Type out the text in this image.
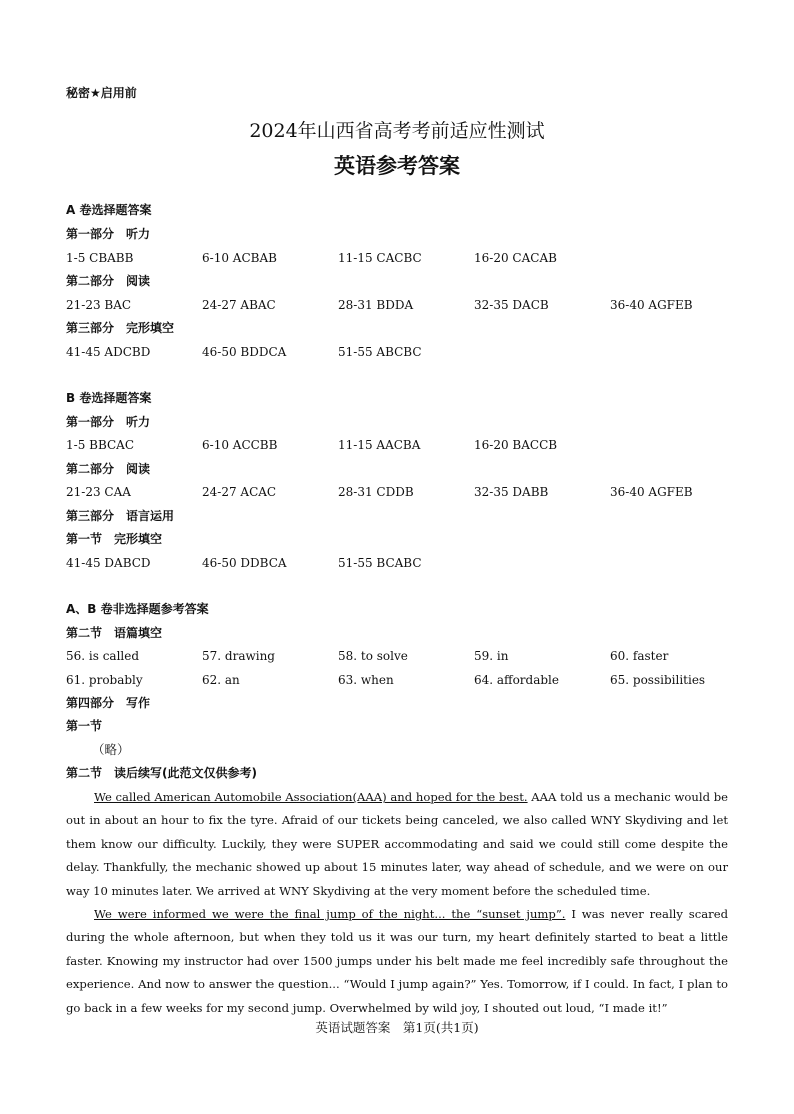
秘密★启用前
2024年山西省高考考前适应性测试
英语参考答案
A 卷选择题答案
第一部分　听力
1-5 CBABB	6-10 ACBAB	11-15 CACBC	16-20 CACAB
第二部分　阅读
21-23 BAC	24-27 ABAC	28-31 BDDA	32-35 DACB	36-40 AGFEB
第三部分　完形填空
41-45 ADCBD	46-50 BDDCA	51-55 ABCBC
B 卷选择题答案
第一部分　听力
1-5 BBCAC	6-10 ACCBB	11-15 AACBA	16-20 BACCB
第二部分　阅读
21-23 CAA	24-27 ACAC	28-31 CDDB	32-35 DABB	36-40 AGFEB
第三部分　语言运用
第一节　完形填空
41-45 DABCD	46-50 DDBCA	51-55 BCABC
A、B 卷非选择题参考答案
第二节　语篇填空
56. is called	57. drawing	58. to solve	59. in	60. faster
61. probably	62. an	63. when	64. affordable	65. possibilities
第四部分　写作
第一节
（略）
第二节　读后续写(此范文仅供参考)

We called American Automobile Association(AAA) and hoped for the best. AAA told us a mechanic would be out in about an hour to fix the tyre. Afraid of our tickets being canceled, we also called WNY Skydiving and let them know our difficulty. Luckily, they were SUPER accommodating and said we could still come despite the delay. Thankfully, the mechanic showed up about 15 minutes later, way ahead of schedule, and we were on our way 10 minutes later. We arrived at WNY Skydiving at the very moment before the scheduled time.

We were informed we were the final jump of the night... the “sunset jump”. I was never really scared during the whole afternoon, but when they told us it was our turn, my heart definitely started to beat a little faster. Knowing my instructor had over 1500 jumps under his belt made me feel incredibly safe throughout the experience. And now to answer the question... “Would I jump again?” Yes. Tomorrow, if I could. In fact, I plan to go back in a few weeks for my second jump. Overwhelmed by wild joy, I shouted out loud, “I made it!”

英语试题答案　第1页(共1页)
